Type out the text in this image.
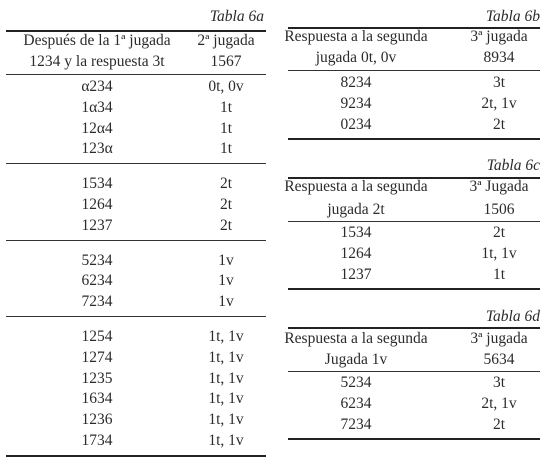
Tabla 6a
Después de la 1ª jugada	2ª jugada
1234 y la respuesta 3t	1567
α234	0t, 0v
1α34	1t
12α4	1t
123α	1t
1534	2t
1264	2t
1237	2t
5234	1v
6234	1v
7234	1v
1254	1t, 1v
1274	1t, 1v
1235	1t, 1v
1634	1t, 1v
1236	1t, 1v
1734	1t, 1v
Tabla 6b
Respuesta a la segunda	3ª jugada
jugada 0t, 0v	8934
8234	3t
9234	2t, 1v
0234	2t
Tabla 6c
Respuesta a la segunda	3ª Jugada
jugada 2t	1506
1534	2t
1264	1t, 1v
1237	1t
Tabla 6d
Respuesta a la segunda	3ª jugada
Jugada 1v	5634
5234	3t
6234	2t, 1v
7234	2t
